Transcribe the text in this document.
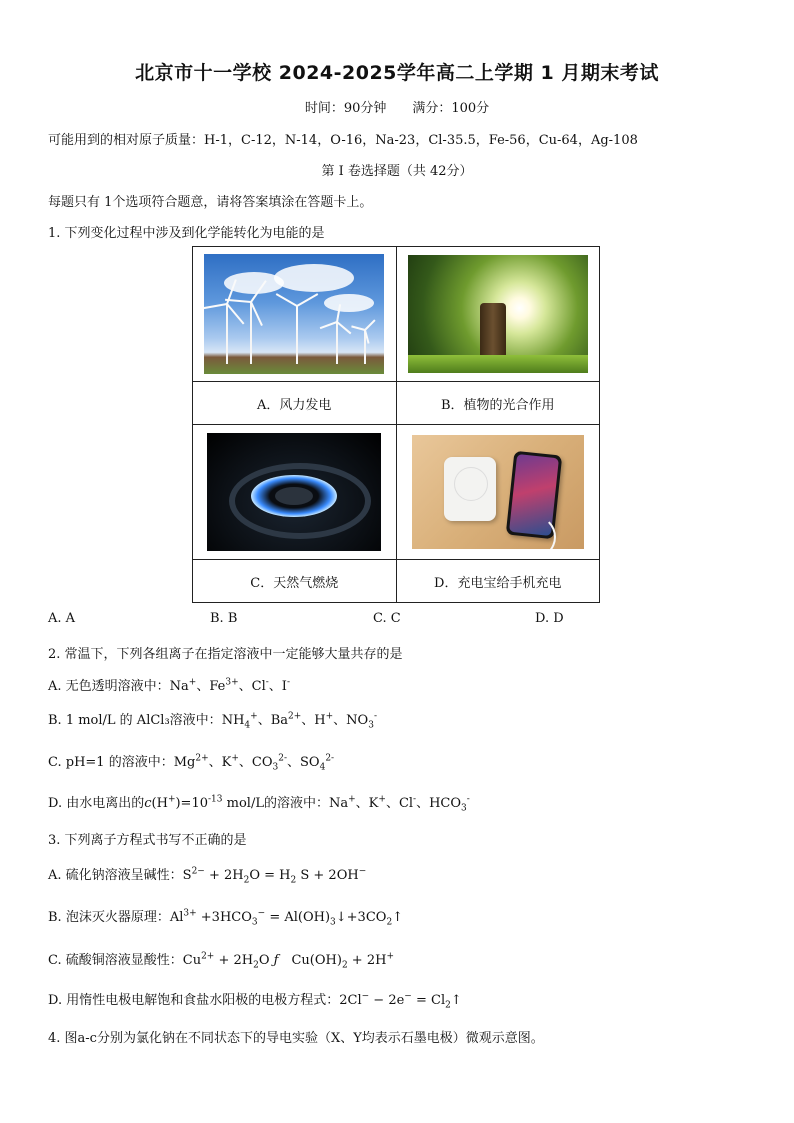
北京市十一学校 2024-2025学年高二上学期 1 月期末考试
时间：90分钟　　满分：100分
可能用到的相对原子质量：H-1，C-12，N-14，O-16，Na-23，Cl-35.5，Fe-56，Cu-64，Ag-108
第 I 卷选择题（共 42分）
每题只有 1个选项符合题意，请将答案填涂在答题卡上。
1. 下列变化过程中涉及到化学能转化为电能的是

A．风力发电	B．植物的光合作用

C．天然气燃烧	D．充电宝给手机充电
A. A	B. B	C. C	D. D
2. 常温下，下列各组离子在指定溶液中一定能够大量共存的是
A. 无色透明溶液中：Na+、$Fe^{3+}$、Cl-、I-
B. 1 mol/L 的 AlCl₃溶液中：$NH_4^+$、$Ba^{2+}$、H+、$NO_3^-$
C. pH=1 的溶液中：$Mg^{2+}$、K+、$CO_3^{2-}$、$SO_4^{2-}$
D. 由水电离出的$c(H^+)=10^{-13}$ mol/L的溶液中：Na+、K+、Cl-、$HCO_3^-$
3. 下列离子方程式书写不正确的是
A. 硫化钠溶液呈碱性：$S^{2-} + 2H_2O = H_2$ S + 2OH−
B. 泡沫灭火器原理：$Al^{3+} +3HCO_3^-$ = $Al(OH)_3↓+3CO_2↑$
C. 硫酸铜溶液显酸性：$Cu^{2+} + 2H_2O$ ƒ　$Cu(OH)_2 + 2H^+$
D. 用惰性电极电解饱和食盐水阳极的电极方程式：$2Cl^- - 2e^- = Cl_2↑$
4. 图a-c分别为氯化钠在不同状态下的导电实验（X、Y均表示石墨电极）微观示意图。
